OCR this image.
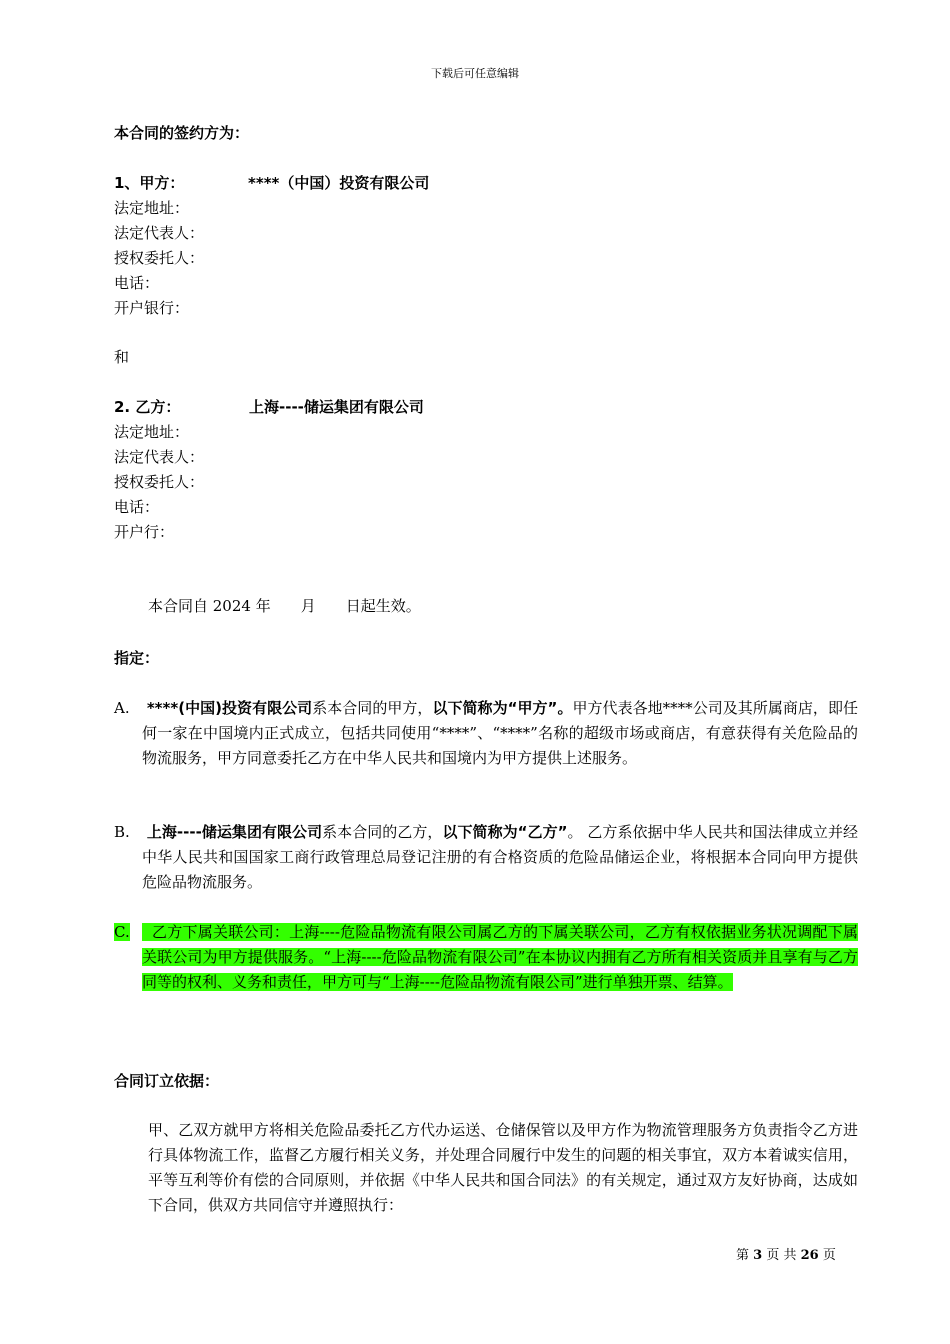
下载后可任意编辑
本合同的签约方为：
1、甲方：	****（中国）投资有限公司
法定地址：
法定代表人：
授权委托人：
电话：
开户银行：
和
2. 乙方：	上海----储运集团有限公司
法定地址：
法定代表人：
授权委托人：
电话：
开户行：
本合同自 2024 年　　月　　日起生效。
指定：
A.	****(中国)投资有限公司系本合同的甲方，以下简称为“甲方”。甲方代表各地****公司及其所属商店，即任何一家在中国境内正式成立，包括共同使用“****”、“****”名称的超级市场或商店，有意获得有关危险品的物流服务，甲方同意委托乙方在中华人民共和国境内为甲方提供上述服务。
B.	上海----储运集团有限公司系本合同的乙方，以下简称为“乙方”。 乙方系依据中华人民共和国法律成立并经中华人民共和国国家工商行政管理总局登记注册的有合格资质的危险品储运企业，将根据本合同向甲方提供危险品物流服务。
C.	乙方下属关联公司：上海----危险品物流有限公司属乙方的下属关联公司，乙方有权依据业务状况调配下属关联公司为甲方提供服务。“上海----危险品物流有限公司”在本协议内拥有乙方所有相关资质并且享有与乙方同等的权利、义务和责任，甲方可与“上海----危险品物流有限公司”进行单独开票、结算。
合同订立依据：
甲、乙双方就甲方将相关危险品委托乙方代办运送、仓储保管以及甲方作为物流管理服务方负责指令乙方进行具体物流工作，监督乙方履行相关义务，并处理合同履行中发生的问题的相关事宜，双方本着诚实信用，平等互利等价有偿的合同原则，并依据《中华人民共和国合同法》的有关规定，通过双方友好协商，达成如下合同，供双方共同信守并遵照执行：
第 3 页 共 26 页
